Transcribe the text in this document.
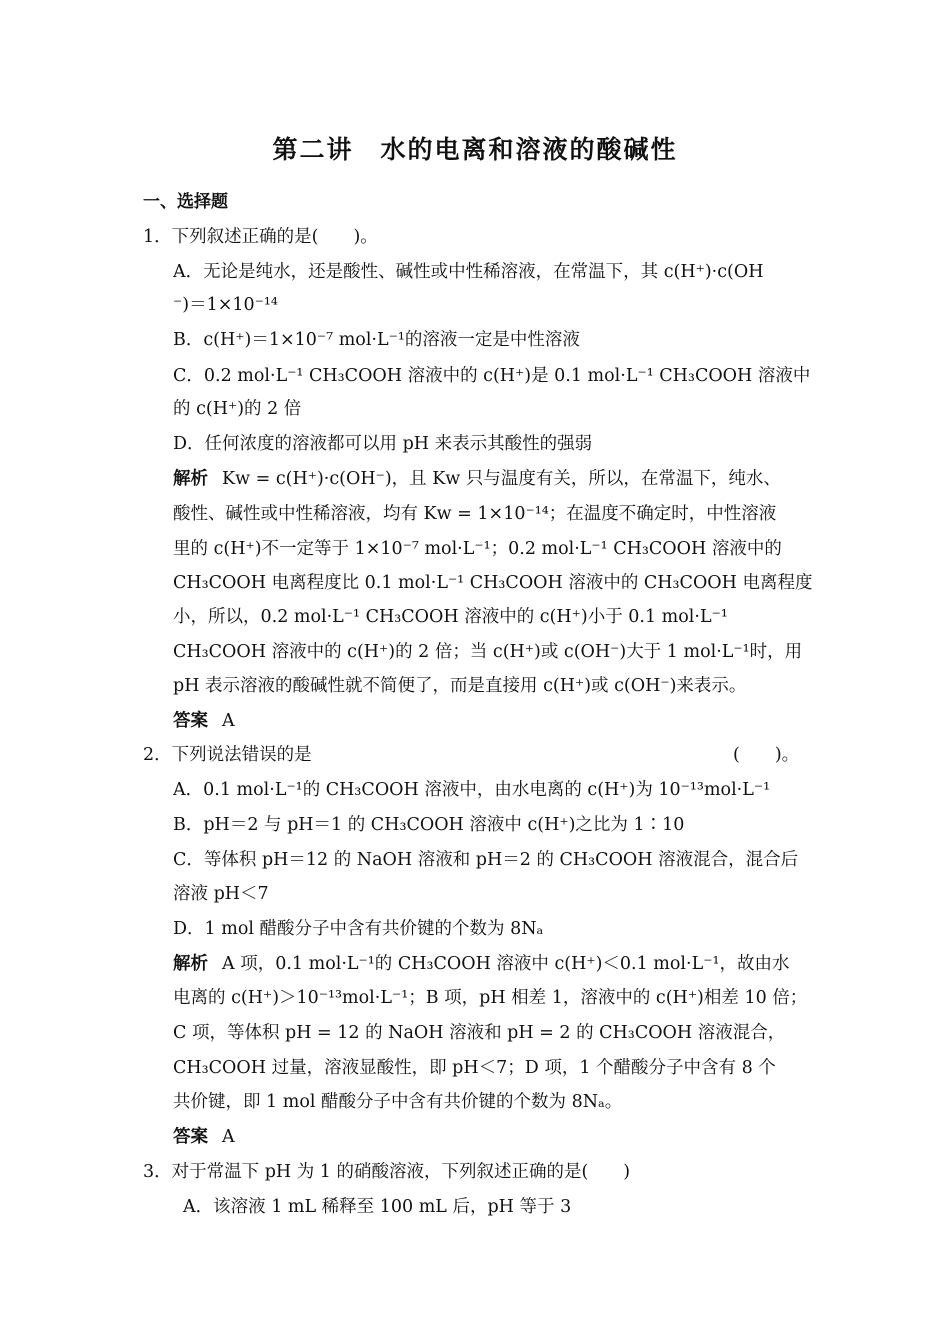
第二讲　水的电离和溶液的酸碱性
一、选择题
1．下列叙述正确的是(　　)。
A．无论是纯水，还是酸性、碱性或中性稀溶液，在常温下，其 c(H⁺)·c(OH
⁻)＝1×10⁻¹⁴
B．c(H⁺)＝1×10⁻⁷ mol·L⁻¹的溶液一定是中性溶液
C．0.2 mol·L⁻¹ CH₃COOH 溶液中的 c(H⁺)是 0.1 mol·L⁻¹ CH₃COOH 溶液中
的 c(H⁺)的 2 倍
D．任何浓度的溶液都可以用 pH 来表示其酸性的强弱
解析 Kw = c(H⁺)·c(OH⁻)，且 Kw 只与温度有关，所以，在常温下，纯水、
酸性、碱性或中性稀溶液，均有 Kw = 1×10⁻¹⁴；在温度不确定时，中性溶液
里的 c(H⁺)不一定等于 1×10⁻⁷ mol·L⁻¹；0.2 mol·L⁻¹ CH₃COOH 溶液中的
CH₃COOH 电离程度比 0.1 mol·L⁻¹ CH₃COOH 溶液中的 CH₃COOH 电离程度
小，所以，0.2 mol·L⁻¹ CH₃COOH 溶液中的 c(H⁺)小于 0.1 mol·L⁻¹
CH₃COOH 溶液中的 c(H⁺)的 2 倍；当 c(H⁺)或 c(OH⁻)大于 1 mol·L⁻¹时，用
pH 表示溶液的酸碱性就不简便了，而是直接用 c(H⁺)或 c(OH⁻)来表示。
答案 A
2．下列说法错误的是	(　　)。
A．0.1 mol·L⁻¹的 CH₃COOH 溶液中，由水电离的 c(H⁺)为 10⁻¹³mol·L⁻¹
B．pH＝2 与 pH＝1 的 CH₃COOH 溶液中 c(H⁺)之比为 1∶10
C．等体积 pH＝12 的 NaOH 溶液和 pH＝2 的 CH₃COOH 溶液混合，混合后
溶液 pH＜7
D．1 mol 醋酸分子中含有共价键的个数为 8Nₐ
解析 A 项，0.1 mol·L⁻¹的 CH₃COOH 溶液中 c(H⁺)＜0.1 mol·L⁻¹，故由水
电离的 c(H⁺)＞10⁻¹³mol·L⁻¹；B 项，pH 相差 1，溶液中的 c(H⁺)相差 10 倍；
C 项，等体积 pH = 12 的 NaOH 溶液和 pH = 2 的 CH₃COOH 溶液混合，
CH₃COOH 过量，溶液显酸性，即 pH＜7；D 项，1 个醋酸分子中含有 8 个
共价键，即 1 mol 醋酸分子中含有共价键的个数为 8Nₐ。
答案 A
3．对于常温下 pH 为 1 的硝酸溶液，下列叙述正确的是(　　)
A．该溶液 1 mL 稀释至 100 mL 后，pH 等于 3
